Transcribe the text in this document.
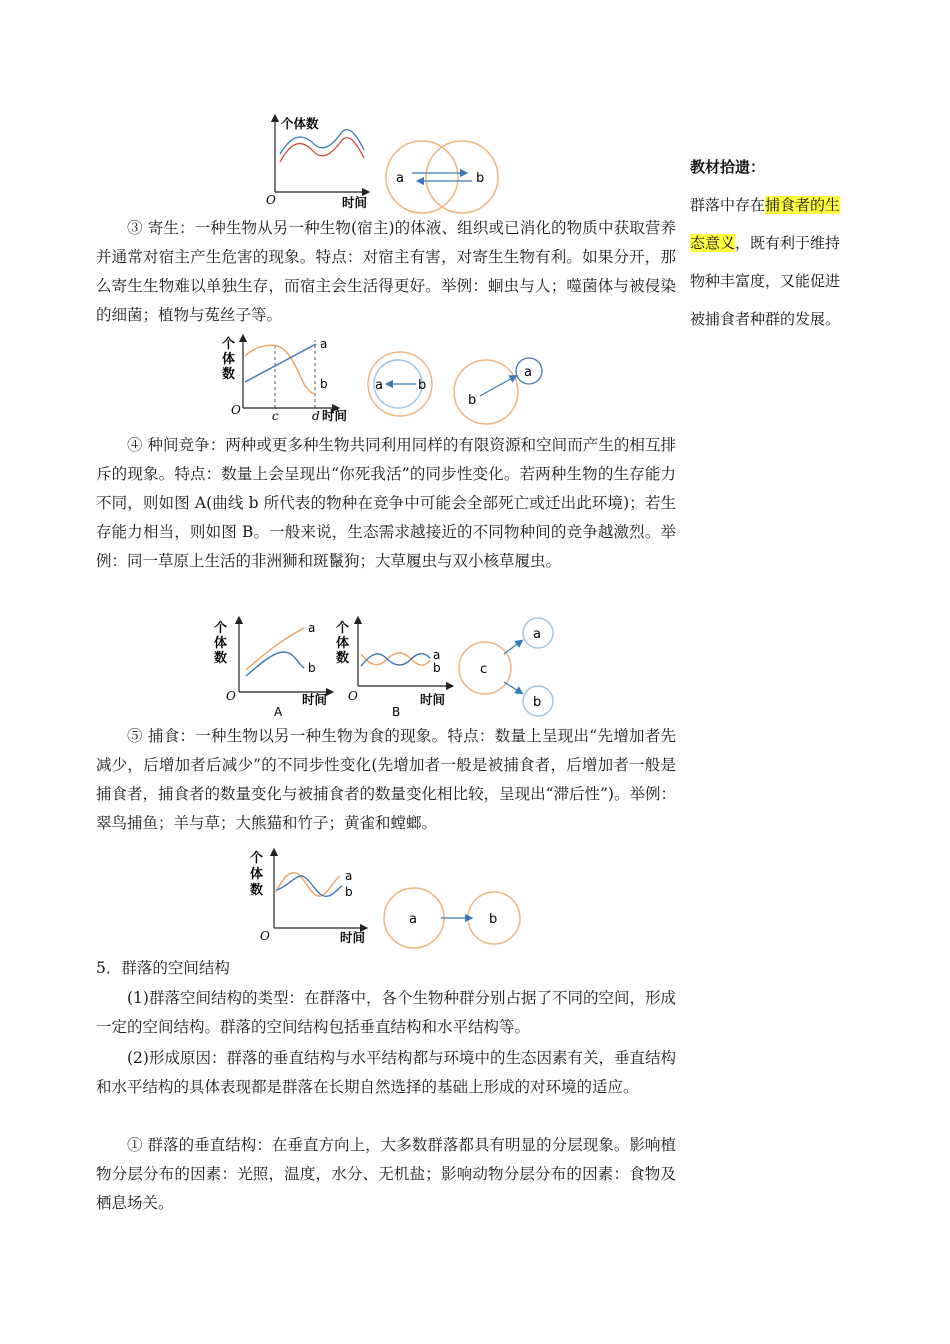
个体数
时间
O
a	b
个
体
数
时间
O	c	d
a
b	a	b
b
a
个
体
数
O	时间
A
a
b
个
体
数
O	时间
B
a
b	c
a
b
个
体
数
O	时间
a
b
a	b

③ 寄生：一种生物从另一种生物(宿主)的体液、组织或已消化的物质中获取营养并通常对宿主产生危害的现象。特点：对宿主有害，对寄生生物有利。如果分开，那么寄生生物难以单独生存，而宿主会生活得更好。举例：蛔虫与人；噬菌体与被侵染的细菌；植物与菟丝子等。

④ 种间竞争：两种或更多种生物共同利用同样的有限资源和空间而产生的相互排斥的现象。特点：数量上会呈现出“你死我活”的同步性变化。若两种生物的生存能力不同，则如图 A(曲线 b 所代表的物种在竞争中可能会全部死亡或迁出此环境)；若生存能力相当，则如图 B。一般来说，生态需求越接近的不同物种间的竞争越激烈。举例：同一草原上生活的非洲狮和斑鬣狗；大草履虫与双小核草履虫。

⑤ 捕食：一种生物以另一种生物为食的现象。特点：数量上呈现出“先增加者先减少，后增加者后减少”的不同步性变化(先增加者一般是被捕食者，后增加者一般是捕食者，捕食者的数量变化与被捕食者的数量变化相比较，呈现出“滞后性”)。举例：翠鸟捕鱼；羊与草；大熊猫和竹子；黄雀和螳螂。

5．群落的空间结构

(1)群落空间结构的类型：在群落中，各个生物种群分别占据了不同的空间，形成一定的空间结构。群落的空间结构包括垂直结构和水平结构等。

(2)形成原因：群落的垂直结构与水平结构都与环境中的生态因素有关，垂直结构和水平结构的具体表现都是群落在长期自然选择的基础上形成的对环境的适应。

① 群落的垂直结构：在垂直方向上，大多数群落都具有明显的分层现象。影响植物分层分布的因素：光照，温度，水分、无机盐；影响动物分层分布的因素：食物及栖息场关。

教材拾遗：
群落中存在捕食者的生态意义，既有利于维持物种丰富度，又能促进被捕食者种群的发展。
